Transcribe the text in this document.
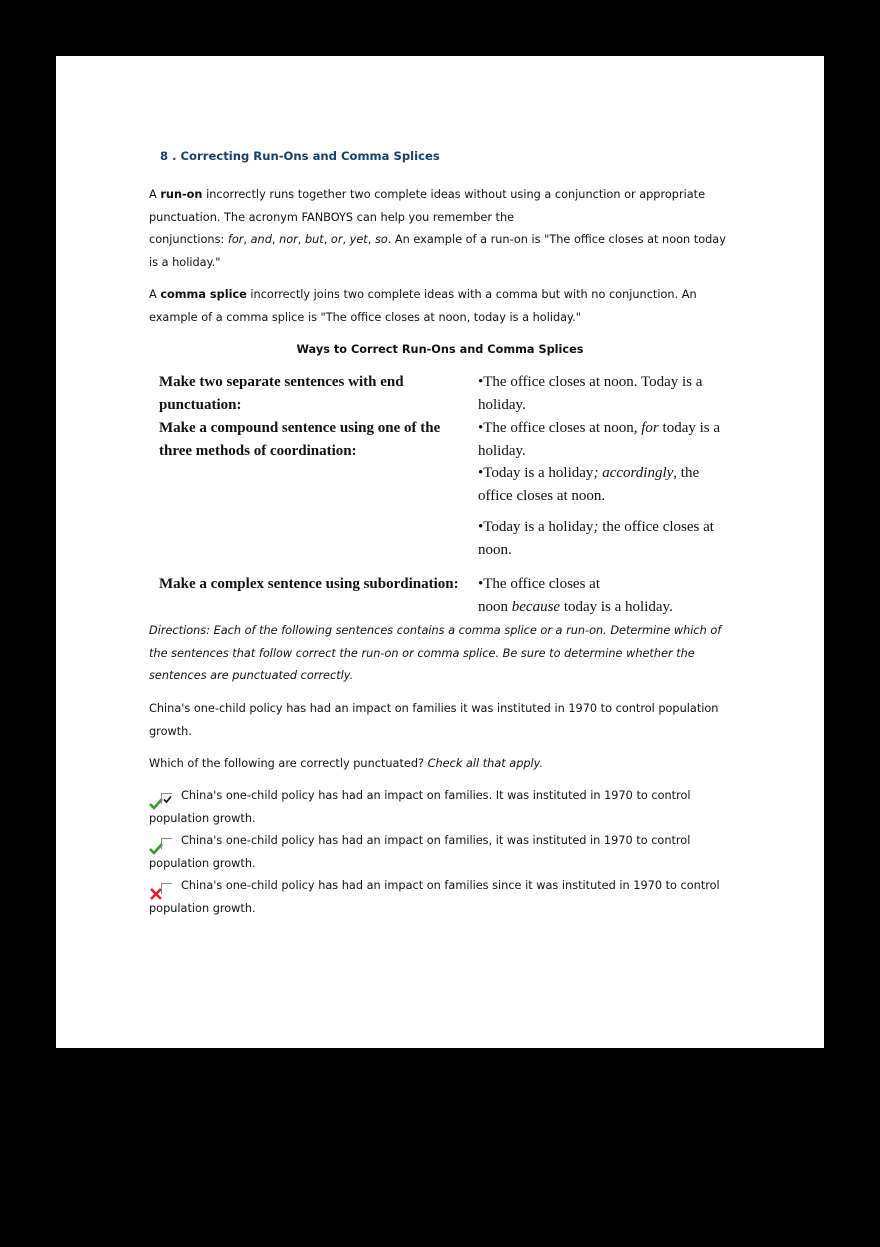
8 . Correcting Run-Ons and Comma Splices
A run-on incorrectly runs together two complete ideas without using a conjunction or appropriate
punctuation. The acronym FANBOYS can help you remember the
conjunctions: for, and, nor, but, or, yet, so. An example of a run-on is "The office closes at noon today
is a holiday."
A comma splice incorrectly joins two complete ideas with a comma but with no conjunction. An
example of a comma splice is "The office closes at noon, today is a holiday."
Ways to Correct Run-Ons and Comma Splices
Make two separate sentences with end
punctuation:
•The office closes at noon. Today is a
holiday.
Make a compound sentence using one of the
three methods of coordination:
•The office closes at noon, for today is a
holiday.
•Today is a holiday; accordingly, the
office closes at noon.
•Today is a holiday; the office closes at
noon.
Make a complex sentence using subordination:	•The office closes at
noon because today is a holiday.
Directions: Each of the following sentences contains a comma splice or a run-on. Determine which of
the sentences that follow correct the run-on or comma splice. Be sure to determine whether the
sentences are punctuated correctly.
China's one-child policy has had an impact on families it was instituted in 1970 to control population
growth.
Which of the following are correctly punctuated? Check all that apply.
China's one-child policy has had an impact on families. It was instituted in 1970 to control
population growth.
China's one-child policy has had an impact on families, it was instituted in 1970 to control
population growth.
China's one-child policy has had an impact on families since it was instituted in 1970 to control
population growth.
